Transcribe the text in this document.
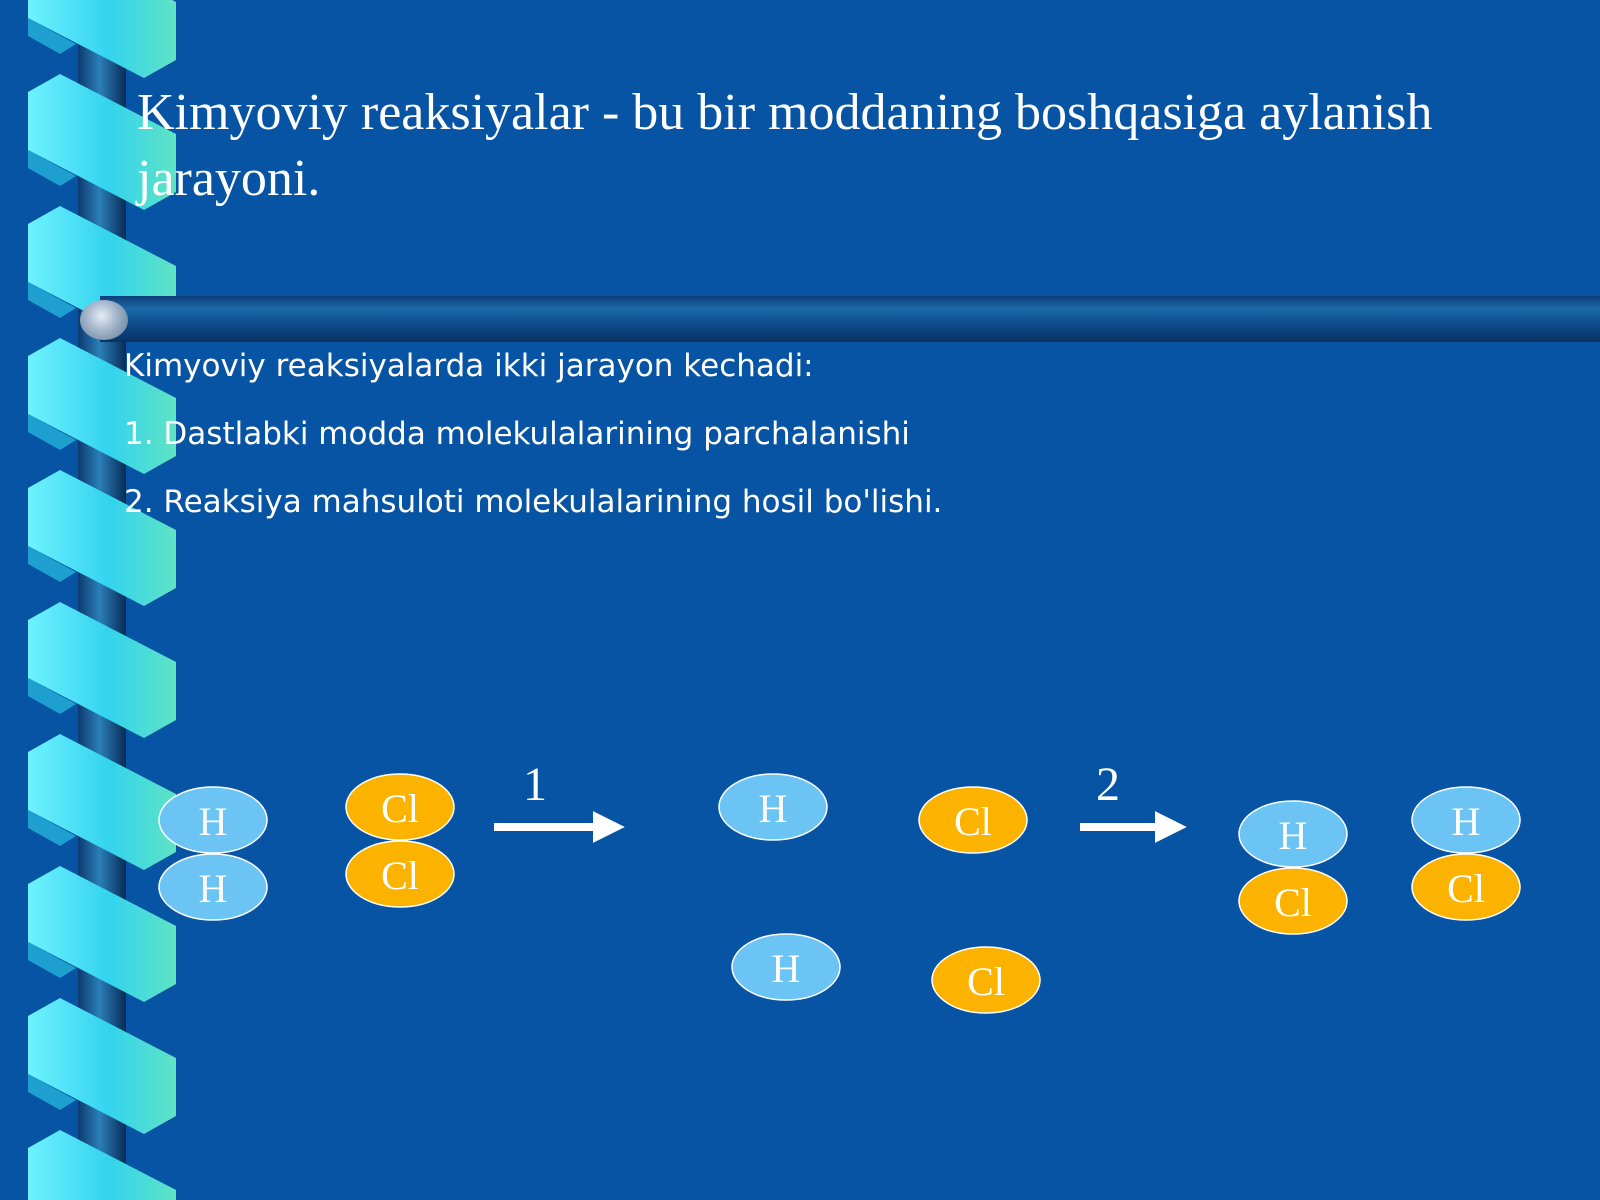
Kimyoviy reaksiyalar - bu bir moddaning boshqasiga aylanish jarayoni.
Kimyoviy reaksiyalarda ikki jarayon kechadi:
1. Dastlabki modda molekulalarining parchalanishi
2. Reaksiya mahsuloti molekulalarining hosil bo'lishi.
H
H
Cl
Cl
1	H	Cl
H	Cl
2
H
Cl
H
Cl
